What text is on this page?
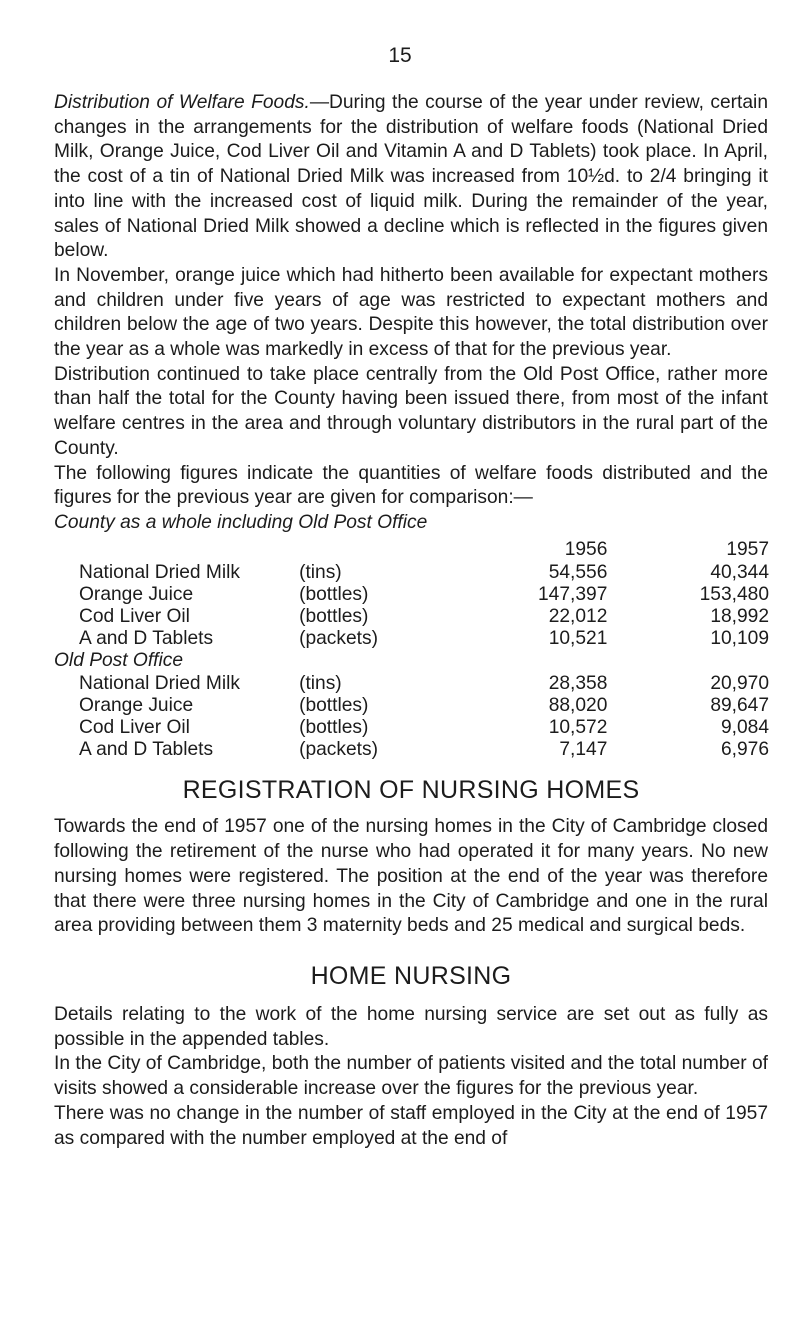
15

Distribution of Welfare Foods.—During the course of the year under review, certain changes in the arrangements for the distribution of welfare foods (National Dried Milk, Orange Juice, Cod Liver Oil and Vitamin A and D Tablets) took place. In April, the cost of a tin of National Dried Milk was increased from 10½d. to 2/4 bringing it into line with the increased cost of liquid milk. During the remainder of the year, sales of National Dried Milk showed a decline which is reflected in the figures given below.

In November, orange juice which had hitherto been available for expectant mothers and children under five years of age was restricted to expectant mothers and children below the age of two years. Despite this however, the total distribution over the year as a whole was markedly in excess of that for the previous year.

Distribution continued to take place centrally from the Old Post Office, rather more than half the total for the County having been issued there, from most of the infant welfare centres in the area and through voluntary distributors in the rural part of the County.

The following figures indicate the quantities of welfare foods distributed and the figures for the previous year are given for comparison:—

County as a whole including Old Post Office
		1956	1957
National Dried Milk	(tins)	54,556	40,344
Orange Juice	(bottles)	147,397	153,480
Cod Liver Oil	(bottles)	22,012	18,992
A and D Tablets	(packets)	10,521	10,109
Old Post Office
National Dried Milk	(tins)	28,358	20,970
Orange Juice	(bottles)	88,020	89,647
Cod Liver Oil	(bottles)	10,572	9,084
A and D Tablets	(packets)	7,147	6,976
REGISTRATION OF NURSING HOMES

Towards the end of 1957 one of the nursing homes in the City of Cambridge closed following the retirement of the nurse who had operated it for many years. No new nursing homes were registered. The position at the end of the year was therefore that there were three nursing homes in the City of Cambridge and one in the rural area providing between them 3 maternity beds and 25 medical and surgical beds.

HOME NURSING

Details relating to the work of the home nursing service are set out as fully as possible in the appended tables.

In the City of Cambridge, both the number of patients visited and the total number of visits showed a considerable increase over the figures for the previous year.

There was no change in the number of staff employed in the City at the end of 1957 as compared with the number employed at the end of
